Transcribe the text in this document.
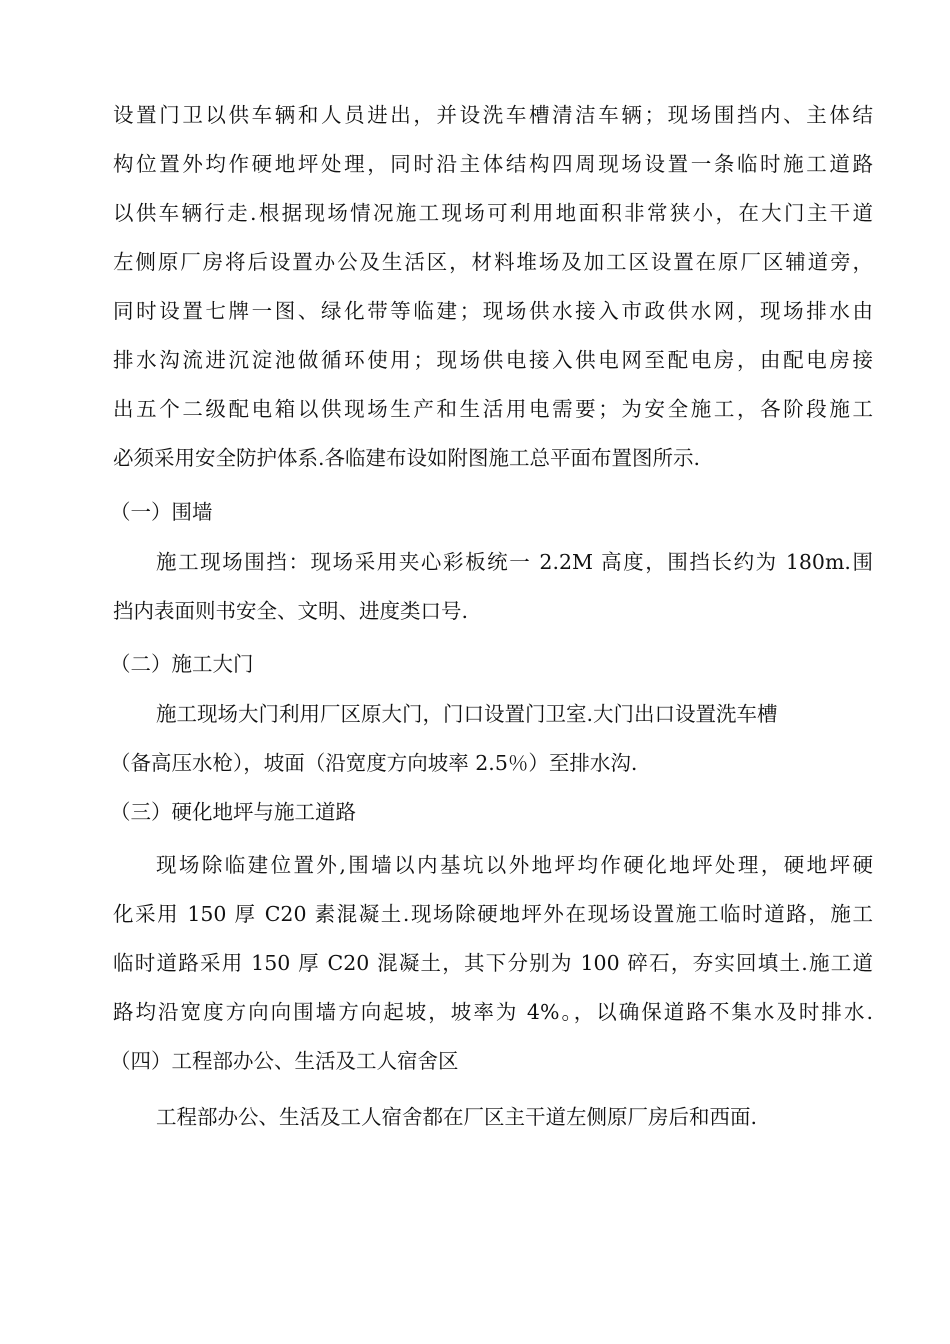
设置门卫以供车辆和人员进出，并设洗车槽清洁车辆；现场围挡内、主体结
构位置外均作硬地坪处理，同时沿主体结构四周现场设置一条临时施工道路
以供车辆行走.根据现场情况施工现场可利用地面积非常狭小，在大门主干道
左侧原厂房将后设置办公及生活区，材料堆场及加工区设置在原厂区辅道旁，
同时设置七牌一图、绿化带等临建；现场供水接入市政供水网，现场排水由
排水沟流进沉淀池做循环使用；现场供电接入供电网至配电房，由配电房接
出五个二级配电箱以供现场生产和生活用电需要；为安全施工，各阶段施工
必须采用安全防护体系.各临建布设如附图施工总平面布置图所示.
（一）围墙
施工现场围挡：现场采用夹心彩板统一 2.2M 高度，围挡长约为 180m.围
挡内表面则书安全、文明、进度类口号.
（二）施工大门
施工现场大门利用厂区原大门，门口设置门卫室.大门出口设置洗车槽
（备高压水枪），坡面（沿宽度方向坡率 2.5％）至排水沟.
（三）硬化地坪与施工道路
现场除临建位置外,围墙以内基坑以外地坪均作硬化地坪处理，硬地坪硬
化采用 150 厚 C20 素混凝土.现场除硬地坪外在现场设置施工临时道路，施工
临时道路采用 150 厚 C20 混凝土，其下分别为 100 碎石，夯实回填土.施工道
路均沿宽度方向向围墙方向起坡，坡率为 4%。，以确保道路不集水及时排水.
（四）工程部办公、生活及工人宿舍区
工程部办公、生活及工人宿舍都在厂区主干道左侧原厂房后和西面.
